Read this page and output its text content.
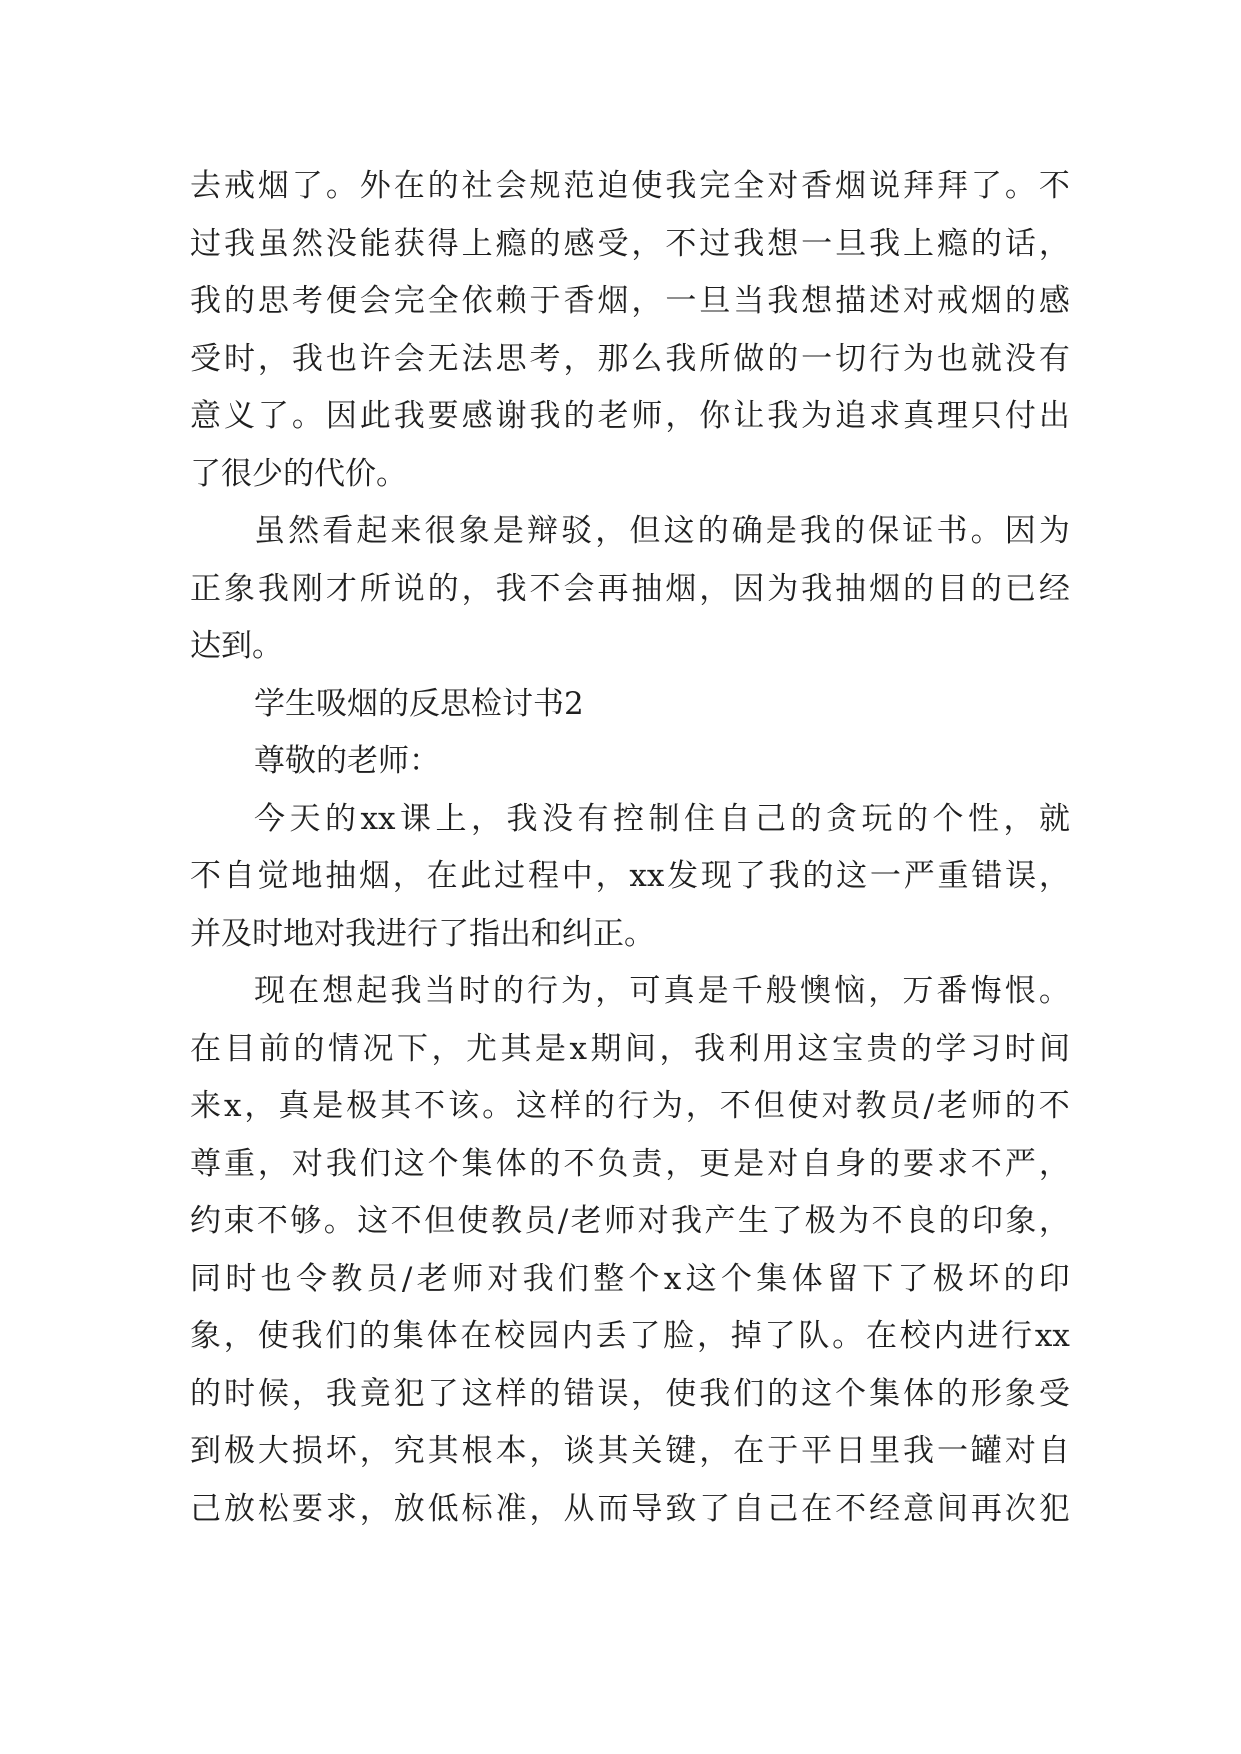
去 戒 烟 了 。 外 在 的 社 会 规 范 迫 使 我 完 全 对 香 烟 说 拜 拜 了 。 不
过 我 虽 然 没 能 获 得 上 瘾 的 感 受 ， 不 过 我 想 一 旦 我 上 瘾 的 话 ，
我 的 思 考 便 会 完 全 依 赖 于 香 烟 ， 一 旦 当 我 想 描 述 对 戒 烟 的 感
受 时 ， 我 也 许 会 无 法 思 考 ， 那 么 我 所 做 的 一 切 行 为 也 就 没 有
意 义 了 。 因 此 我 要 感 谢 我 的 老 师 ， 你 让 我 为 追 求 真 理 只 付 出
了 很 少 的 代 价 。
虽 然 看 起 来 很 象 是 辩 驳 ， 但 这 的 确 是 我 的 保 证 书 。 因 为
正 象 我 刚 才 所 说 的 ， 我 不 会 再 抽 烟 ， 因 为 我 抽 烟 的 目 的 已 经
达 到 。
学 生 吸 烟 的 反 思 检 讨 书 2
尊 敬 的 老 师 ：
今 天 的 xx 课 上 ， 我 没 有 控 制 住 自 己 的 贪 玩 的 个 性 ， 就
不 自 觉 地 抽 烟 ， 在 此 过 程 中 ， xx 发 现 了 我 的 这 一 严 重 错 误 ，
并 及 时 地 对 我 进 行 了 指 出 和 纠 正 。
现 在 想 起 我 当 时 的 行 为 ， 可 真 是 千 般 懊 恼 ， 万 番 悔 恨 。
在 目 前 的 情 况 下 ， 尤 其 是 x 期 间 ， 我 利 用 这 宝 贵 的 学 习 时 间
来 x ， 真 是 极 其 不 该 。 这 样 的 行 为 ， 不 但 使 对 教 员 / 老 师 的 不
尊 重 ， 对 我 们 这 个 集 体 的 不 负 责 ， 更 是 对 自 身 的 要 求 不 严 ，
约 束 不 够 。 这 不 但 使 教 员 / 老 师 对 我 产 生 了 极 为 不 良 的 印 象 ，
同 时 也 令 教 员 / 老 师 对 我 们 整 个 x 这 个 集 体 留 下 了 极 坏 的 印
象 ， 使 我 们 的 集 体 在 校 园 内 丢 了 脸 ， 掉 了 队 。 在 校 内 进 行 xx
的 时 候 ， 我 竟 犯 了 这 样 的 错 误 ， 使 我 们 的 这 个 集 体 的 形 象 受
到 极 大 损 坏 ， 究 其 根 本 ， 谈 其 关 键 ， 在 于 平 日 里 我 一 罐 对 自
己 放 松 要 求 ， 放 低 标 准 ， 从 而 导 致 了 自 己 在 不 经 意 间 再 次 犯
